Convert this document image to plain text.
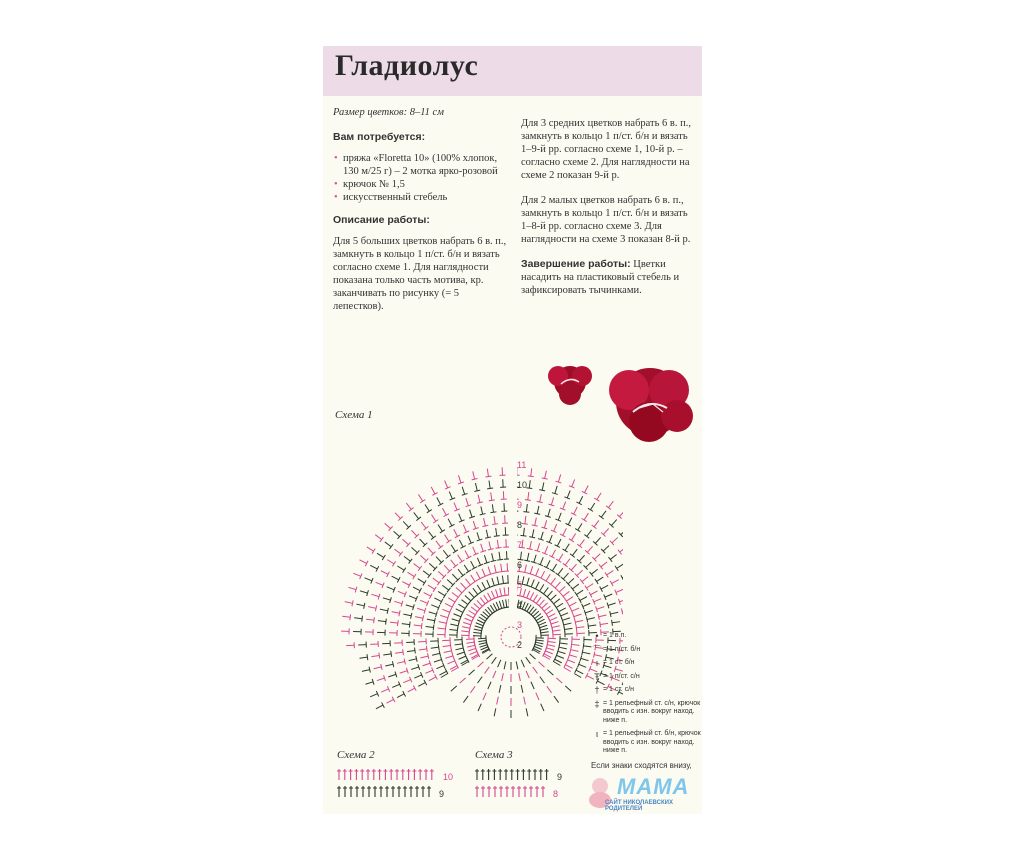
Гладиолус

Размер цветков: 8–11 см

Вам потребуется:

• пряжа «Floretta 10» (100% хлопок, 130 м/25 г) – 2 мотка ярко-розовой
• крючок № 1,5
• искусственный стебель

Описание работы:

Для 5 больших цветков набрать 6 в. п., замкнуть в кольцо 1 п/ст. б/н и вязать согласно схеме 1. Для наглядности показана только часть мотива, кр. заканчивать по рисунку (= 5 лепестков).

Для 3 средних цветков набрать 6 в. п., замкнуть в кольцо 1 п/ст. б/н и вязать 1–9-й рр. согласно схеме 1, 10-й р. – согласно схеме 2. Для наглядности на схеме 2 показан 9-й р.

Для 2 малых цветков набрать 6 в. п., замкнуть в кольцо 1 п/ст. б/н и вязать 1–8-й рр. согласно схеме 3. Для наглядности на схеме 3 показан 8-й р.

Завершение работы: Цветки насадить на пластиковый стебель и зафиксировать тычинками.

Схема 1
11
10
9
8
7
6
5
4
3
2
• = 1 в.п.
⌒ = 1 п/ст. б/н
ı = 1 ст. б/н
Ŧ = 1 п/ст. с/н
† = 1 ст. с/н
‡ = 1 рельефный ст. с/н, крючок вводить с изн. вокруг наход. ниже п.
ι = 1 рельефный ст. б/н, крючок вводить с изн. вокруг наход. ниже п.
Если знаки сходятся внизу,
Схема 2	Схема 3
10
9
9
8	МАМА
САЙТ НИКОЛАЕВСКИХ РОДИТЕЛЕЙ
